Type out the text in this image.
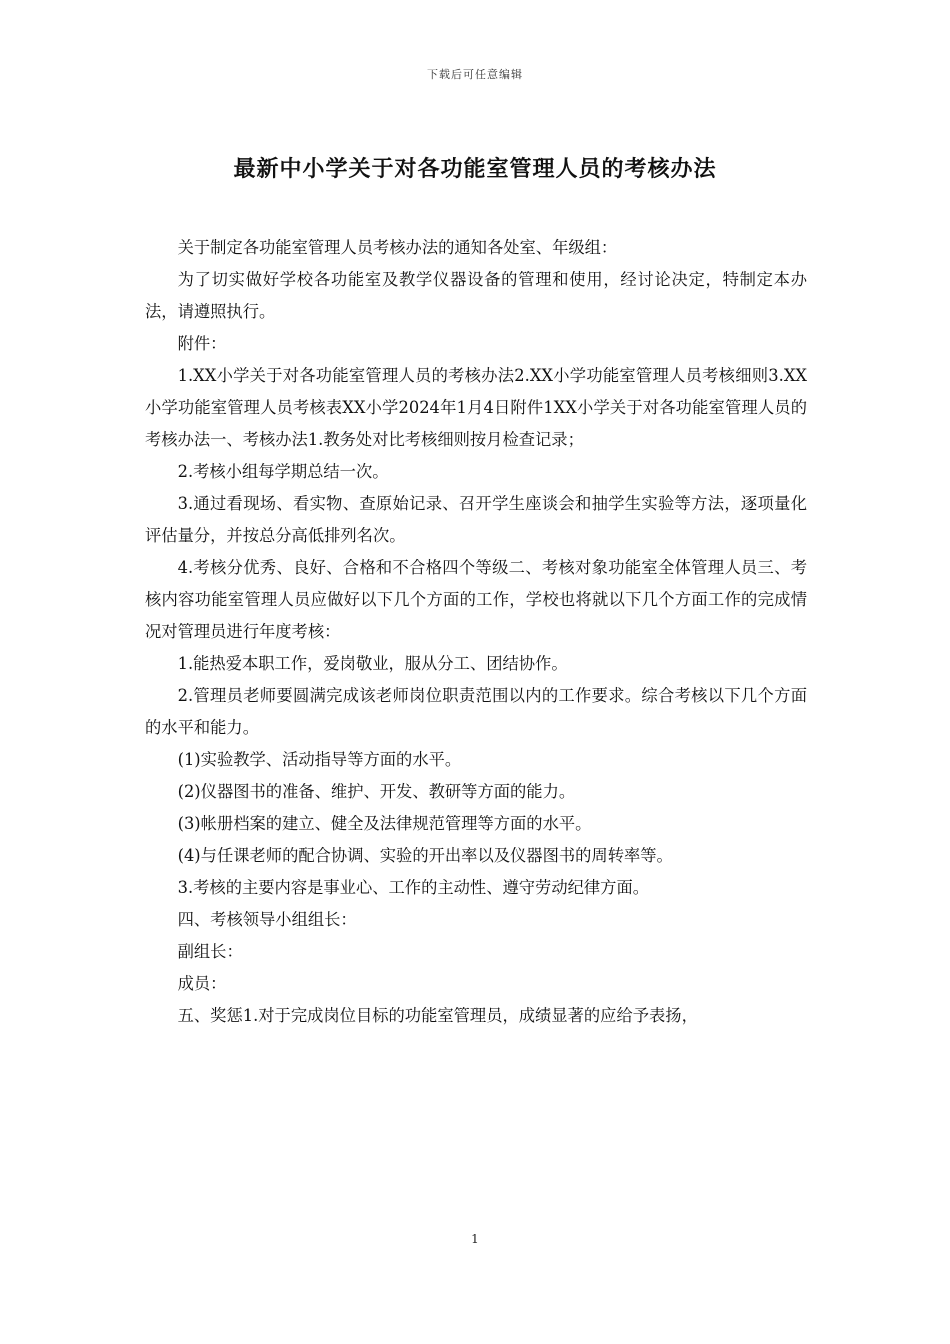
下载后可任意编辑
最新中小学关于对各功能室管理人员的考核办法

关于制定各功能室管理人员考核办法的通知各处室、年级组：

为了切实做好学校各功能室及教学仪器设备的管理和使用，经讨论决定，特制定本办法，请遵照执行。

附件：

1.XX小学关于对各功能室管理人员的考核办法2.XX小学功能室管理人员考核细则3.XX小学功能室管理人员考核表XX小学2024年1月4日附件1XX小学关于对各功能室管理人员的考核办法一、考核办法1.教务处对比考核细则按月检查记录；

2.考核小组每学期总结一次。

3.通过看现场、看实物、查原始记录、召开学生座谈会和抽学生实验等方法，逐项量化评估量分，并按总分高低排列名次。

4.考核分优秀、良好、合格和不合格四个等级二、考核对象功能室全体管理人员三、考核内容功能室管理人员应做好以下几个方面的工作，学校也将就以下几个方面工作的完成情况对管理员进行年度考核：

1.能热爱本职工作，爱岗敬业，服从分工、团结协作。

2.管理员老师要圆满完成该老师岗位职责范围以内的工作要求。综合考核以下几个方面的水平和能力。

(1)实验教学、活动指导等方面的水平。

(2)仪器图书的准备、维护、开发、教研等方面的能力。

(3)帐册档案的建立、健全及法律规范管理等方面的水平。

(4)与任课老师的配合协调、实验的开出率以及仪器图书的周转率等。

3.考核的主要内容是事业心、工作的主动性、遵守劳动纪律方面。

四、考核领导小组组长：

副组长：

成员：

五、奖惩1.对于完成岗位目标的功能室管理员，成绩显著的应给予表扬，

1
